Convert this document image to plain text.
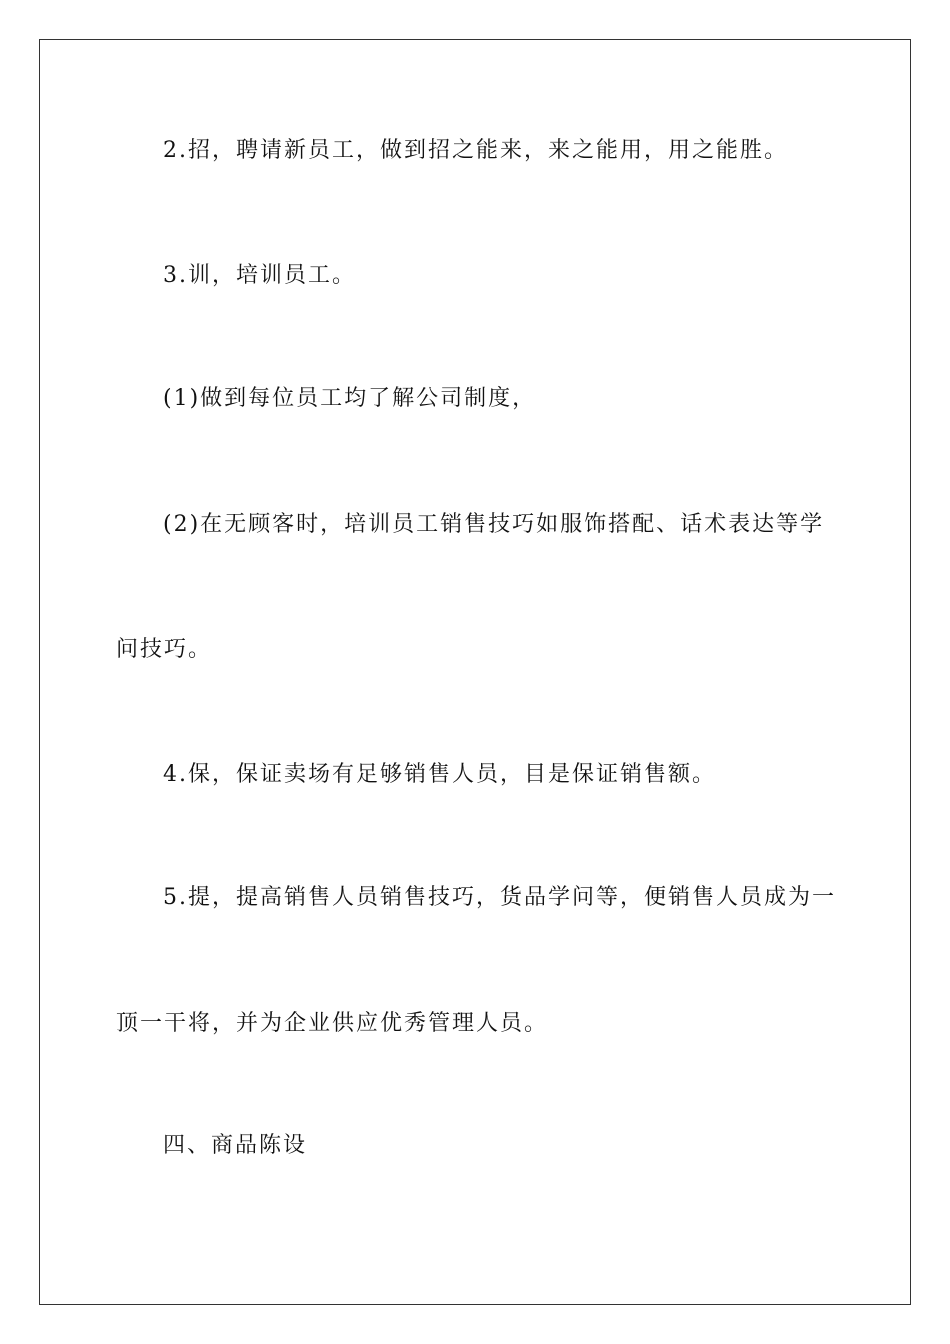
2.招，聘请新员工，做到招之能来，来之能用，用之能胜。
3.训，培训员工。
(1)做到每位员工均了解公司制度，
(2)在无顾客时，培训员工销售技巧如服饰搭配、话术表达等学
问技巧。
4.保，保证卖场有足够销售人员，目是保证销售额。
5.提，提高销售人员销售技巧，货品学问等，便销售人员成为一
顶一干将，并为企业供应优秀管理人员。
四、商品陈设
